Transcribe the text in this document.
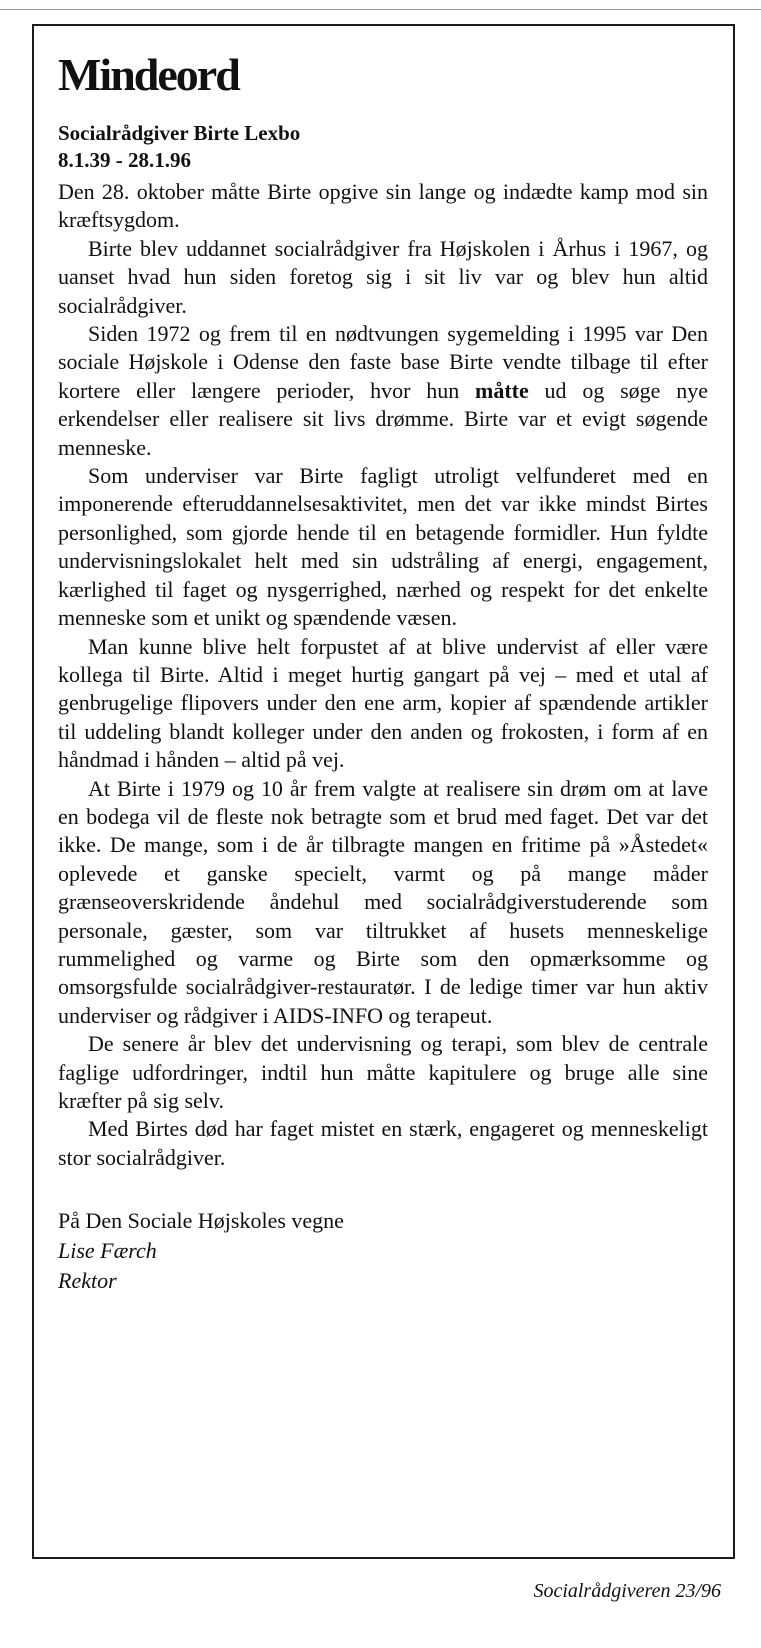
Mindeord
Socialrådgiver Birte Lexbo
8.1.39 - 28.1.96

Den 28. oktober måtte Birte opgive sin lange og indædte kamp mod sin kræftsygdom.

Birte blev uddannet socialrådgiver fra Højskolen i Århus i 1967, og uanset hvad hun siden foretog sig i sit liv var og blev hun altid socialrådgiver.

Siden 1972 og frem til en nødtvungen sygemelding i 1995 var Den sociale Højskole i Odense den faste base Birte vendte tilbage til efter kortere eller længere perioder, hvor hun måtte ud og søge nye erkendelser eller realisere sit livs drømme. Birte var et evigt søgende menneske.

Som underviser var Birte fagligt utroligt velfunderet med en imponerende efteruddannelsesaktivitet, men det var ikke mindst Birtes personlighed, som gjorde hende til en betagende formidler. Hun fyldte undervisningslokalet helt med sin udstråling af energi, engagement, kærlighed til faget og nysgerrighed, nærhed og respekt for det enkelte menneske som et unikt og spændende væsen.

Man kunne blive helt forpustet af at blive undervist af eller være kollega til Birte. Altid i meget hurtig gangart på vej – med et utal af genbrugelige flipovers under den ene arm, kopier af spændende artikler til uddeling blandt kolleger under den anden og frokosten, i form af en håndmad i hånden – altid på vej.

At Birte i 1979 og 10 år frem valgte at realisere sin drøm om at lave en bodega vil de fleste nok betragte som et brud med faget. Det var det ikke. De mange, som i de år tilbragte mangen en fritime på »Åstedet« oplevede et ganske specielt, varmt og på mange måder grænseoverskridende åndehul med socialrådgiverstuderende som personale, gæster, som var tiltrukket af husets menneskelige rummelighed og varme og Birte som den opmærksomme og omsorgsfulde socialrådgiver-restauratør. I de ledige timer var hun aktiv underviser og rådgiver i AIDS-INFO og terapeut.

De senere år blev det undervisning og terapi, som blev de centrale faglige udfordringer, indtil hun måtte kapitulere og bruge alle sine kræfter på sig selv.

Med Birtes død har faget mistet en stærk, engageret og menneskeligt stor socialrådgiver.

På Den Sociale Højskoles vegne
Lise Færch
Rektor
Socialrådgiveren 23/96
